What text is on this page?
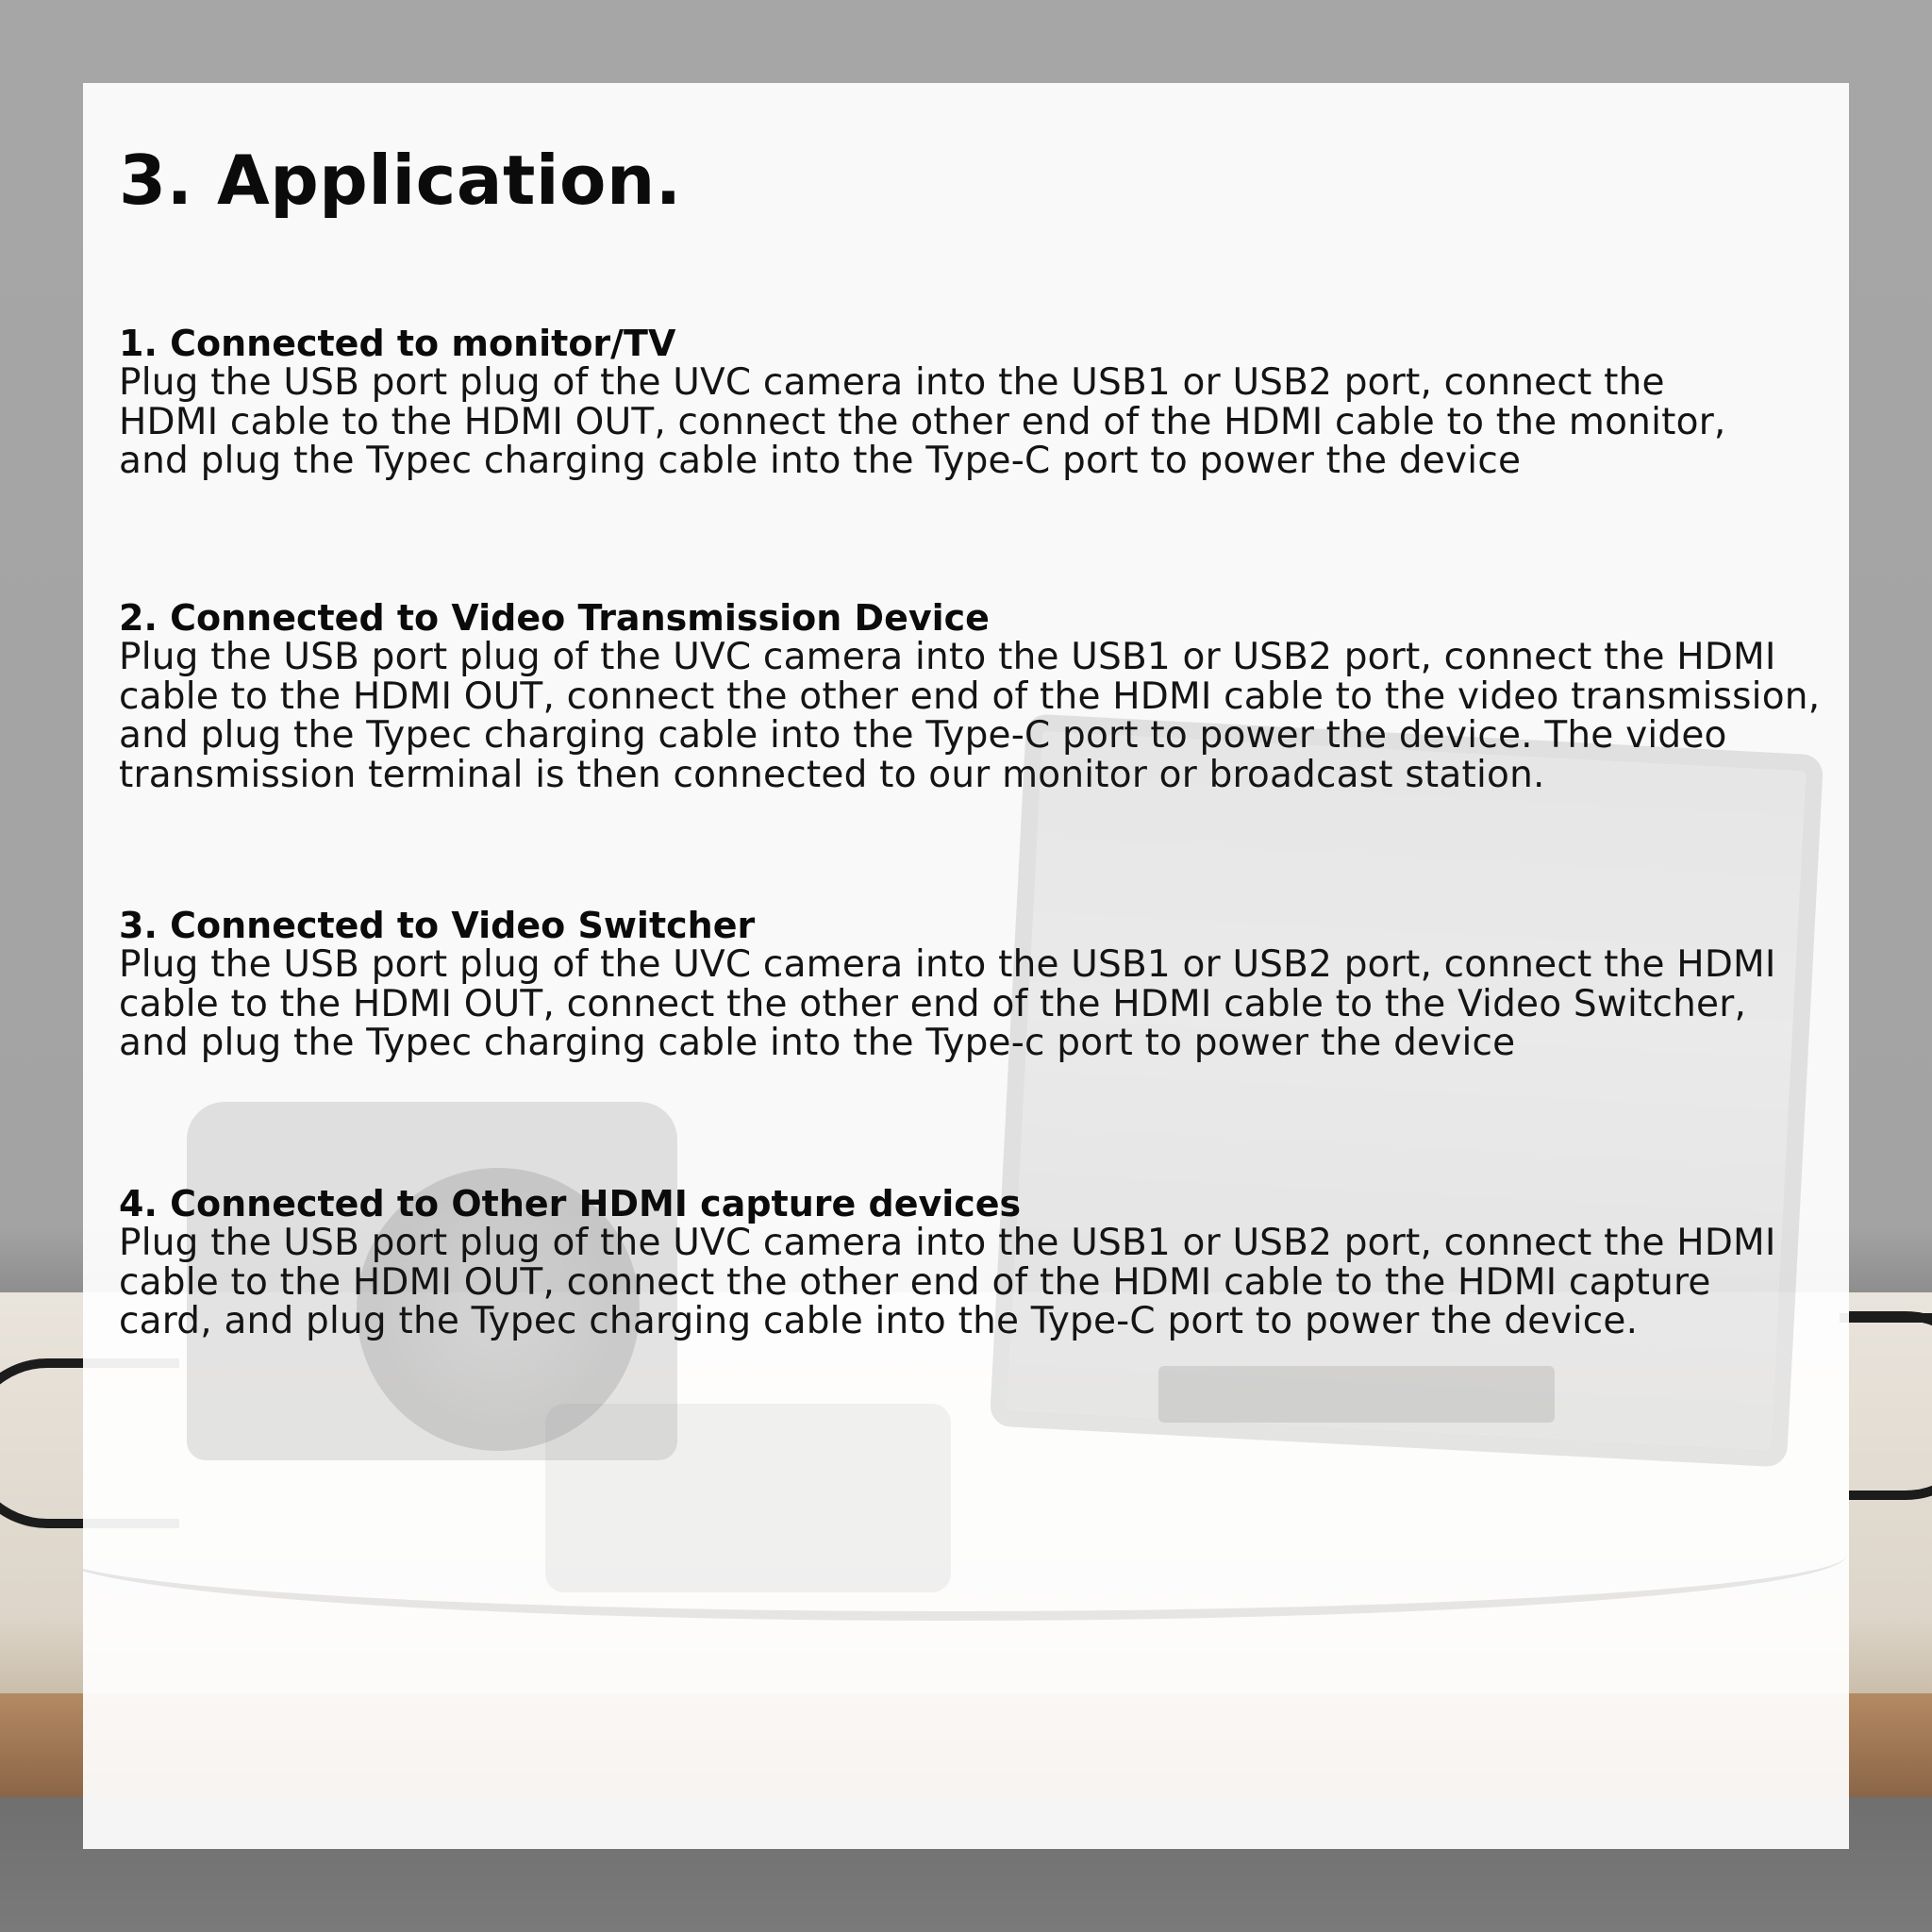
3. Application.
1. Connected to monitor/TV

Plug the USB port plug of the UVC camera into the USB1 or USB2 port, connect the
HDMI cable to the HDMI OUT, connect the other end of the HDMI cable to the monitor,
and plug the Typec charging cable into the Type-C port to power the device

2. Connected to Video Transmission Device

Plug the USB port plug of the UVC camera into the USB1 or USB2 port, connect the HDMI
cable to the HDMI OUT, connect the other end of the HDMI cable to the video transmission,
and plug the Typec charging cable into the Type-C port to power the device. The video
transmission terminal is then connected to our monitor or broadcast station.

3. Connected to Video Switcher

Plug the USB port plug of the UVC camera into the USB1 or USB2 port, connect the HDMI
cable to the HDMI OUT, connect the other end of the HDMI cable to the Video Switcher,
and plug the Typec charging cable into the Type-c port to power the device

4. Connected to Other HDMI capture devices

Plug the USB port plug of the UVC camera into the USB1 or USB2 port, connect the HDMI
cable to the HDMI OUT, connect the other end of the HDMI cable to the HDMI capture
card, and plug the Typec charging cable into the Type-C port to power the device.
